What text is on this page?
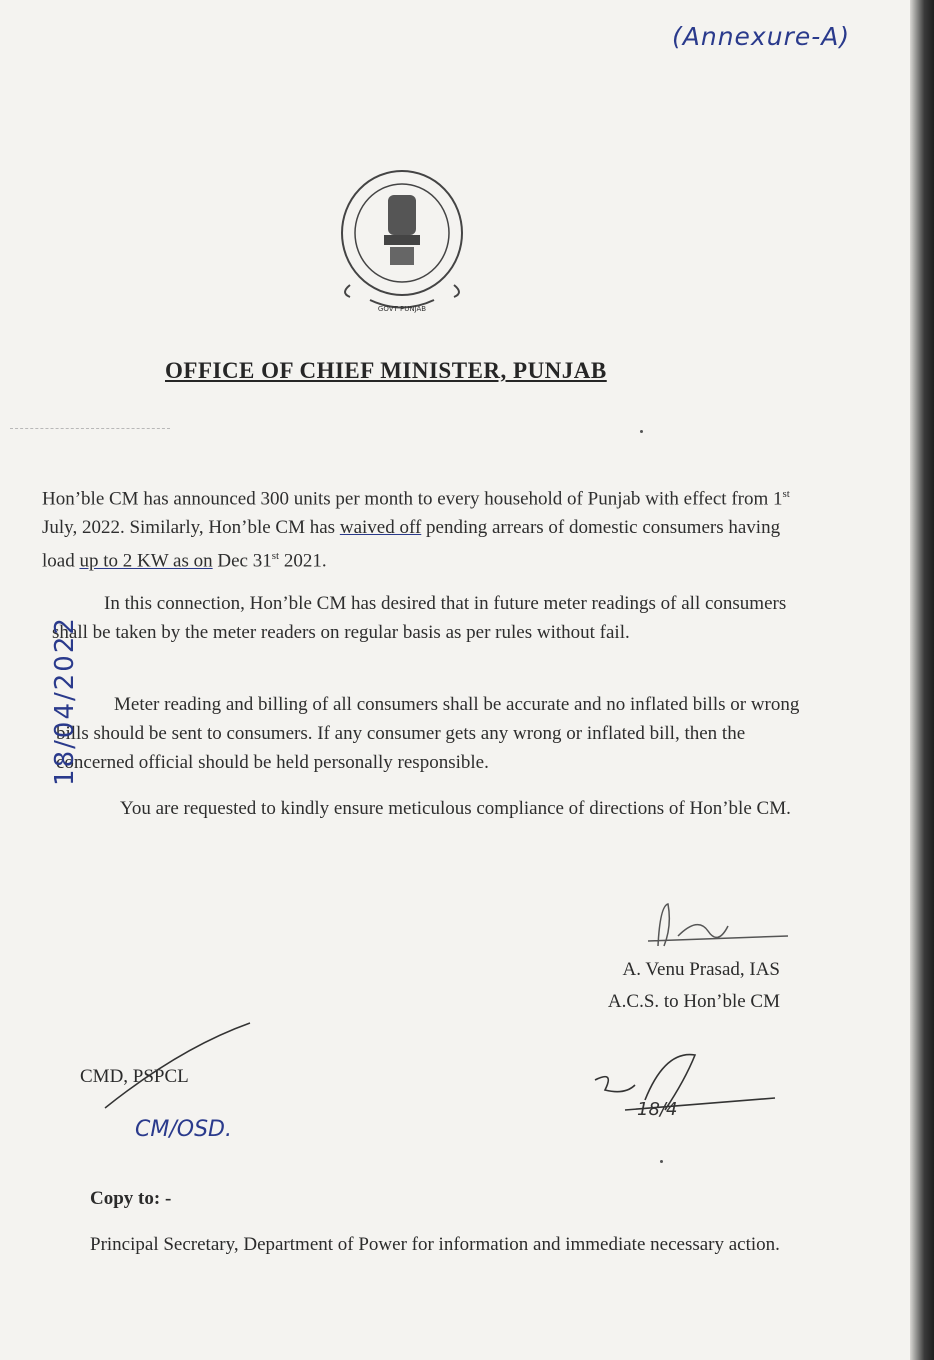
(Annexure-A)
GOVT PUNJAB
OFFICE OF CHIEF MINISTER, PUNJAB
Hon’ble CM has announced 300 units per month to every household of Punjab with effect from 1st July, 2022. Similarly, Hon’ble CM has waived off pending arrears of domestic consumers having load up to 2 KW as on Dec 31st 2021.
In this connection, Hon’ble CM has desired that in future meter readings of all consumers shall be taken by the meter readers on regular basis as per rules without fail.
Meter reading and billing of all consumers shall be accurate and no inflated bills or wrong bills should be sent to consumers. If any consumer gets any wrong or inflated bill, then the concerned official should be held personally responsible.
You are requested to kindly ensure meticulous compliance of directions of Hon’ble CM.
18/04/2022
A. Venu Prasad, IAS
A.C.S. to Hon’ble CM
CMD, PSPCL
CM/OSD.
18/4
Copy to: -
Principal Secretary, Department of Power for information and immediate necessary action.
